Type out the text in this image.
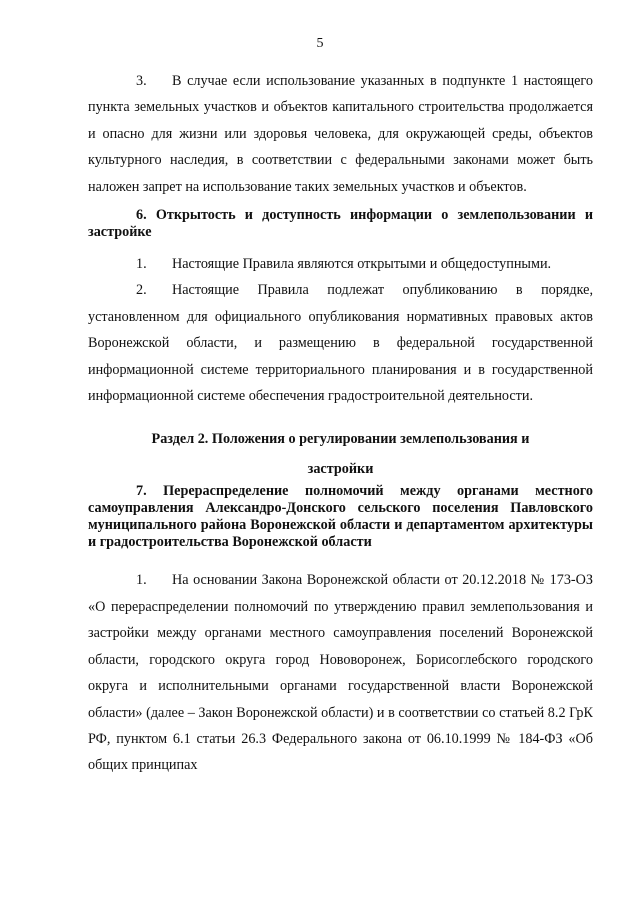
5

3. В случае если использование указанных в подпункте 1 настоящего пункта земельных участков и объектов капитального строительства продолжается и опасно для жизни или здоровья человека, для окружающей среды, объектов культурного наследия, в соответствии с федеральными законами может быть наложен запрет на использование таких земельных участков и объектов.

6. Открытость и доступность информации о землепользовании и застройке

1. Настоящие Правила являются открытыми и общедоступными.

2. Настоящие Правила подлежат опубликованию в порядке, установленном для официального опубликования нормативных правовых актов Воронежской области, и размещению в федеральной государственной информационной системе территориального планирования и в государственной информационной системе обеспечения градостроительной деятельности.

Раздел 2. Положения о регулировании землепользования и

застройки

7. Перераспределение полномочий между органами местного самоуправления Александро-Донского сельского поселения Павловского муниципального района Воронежской области и департаментом архитектуры и градостроительства Воронежской области

1. На основании Закона Воронежской области от 20.12.2018 № 173-ОЗ «О перераспределении полномочий по утверждению правил землепользования и застройки между органами местного самоуправления поселений Воронежской области, городского округа город Нововоронеж, Борисоглебского городского округа и исполнительными органами государственной власти Воронежской области» (далее – Закон Воронежской области) и в соответствии со статьей 8.2 ГрК РФ, пунктом 6.1 статьи 26.3 Федерального закона от 06.10.1999 № 184-ФЗ «Об общих принципах
